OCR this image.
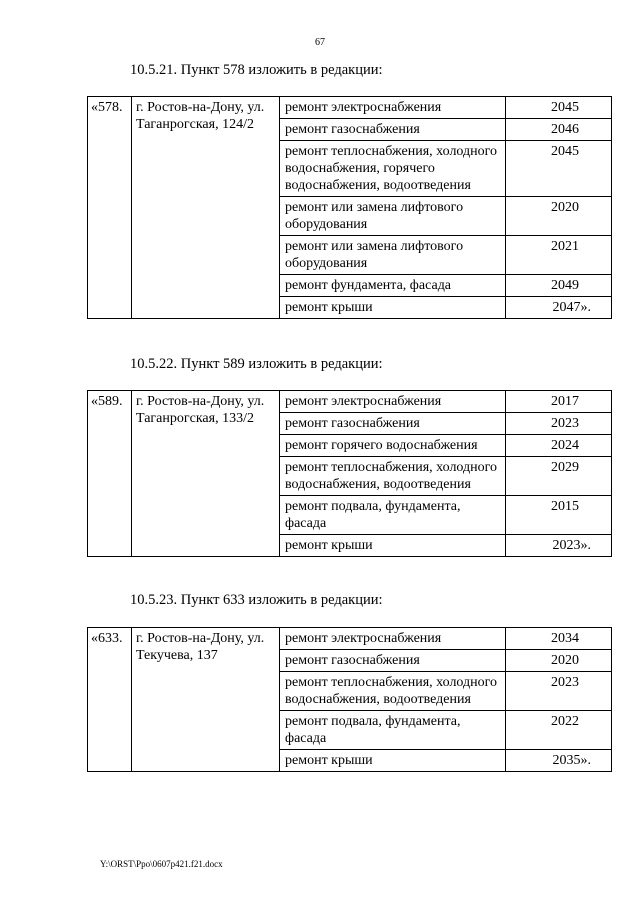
67
10.5.21. Пункт 578 изложить в редакции:
«578.	г. Ростов-на-Дону, ул. Таганрогская, 124/2	ремонт электроснабжения	2045
		ремонт газоснабжения	2046
		ремонт теплоснабжения, холодного водоснабжения, горячего водоснабжения, водоотведения	2045
		ремонт или замена лифтового оборудования	2020
		ремонт или замена лифтового оборудования	2021
		ремонт фундамента, фасада	2049
		ремонт крыши	2047».
10.5.22. Пункт 589 изложить в редакции:
«589.	г. Ростов-на-Дону, ул. Таганрогская, 133/2	ремонт электроснабжения	2017
		ремонт газоснабжения	2023
		ремонт горячего водоснабжения	2024
		ремонт теплоснабжения, холодного водоснабжения, водоотведения	2029
		ремонт подвала, фундамента, фасада	2015
		ремонт крыши	2023».
10.5.23. Пункт 633 изложить в редакции:
«633.	г. Ростов-на-Дону, ул. Текучева, 137	ремонт электроснабжения	2034
		ремонт газоснабжения	2020
		ремонт теплоснабжения, холодного водоснабжения, водоотведения	2023
		ремонт подвала, фундамента, фасада	2022
		ремонт крыши	2035».
Y:\ORST\Ppo\0607p421.f21.docx
